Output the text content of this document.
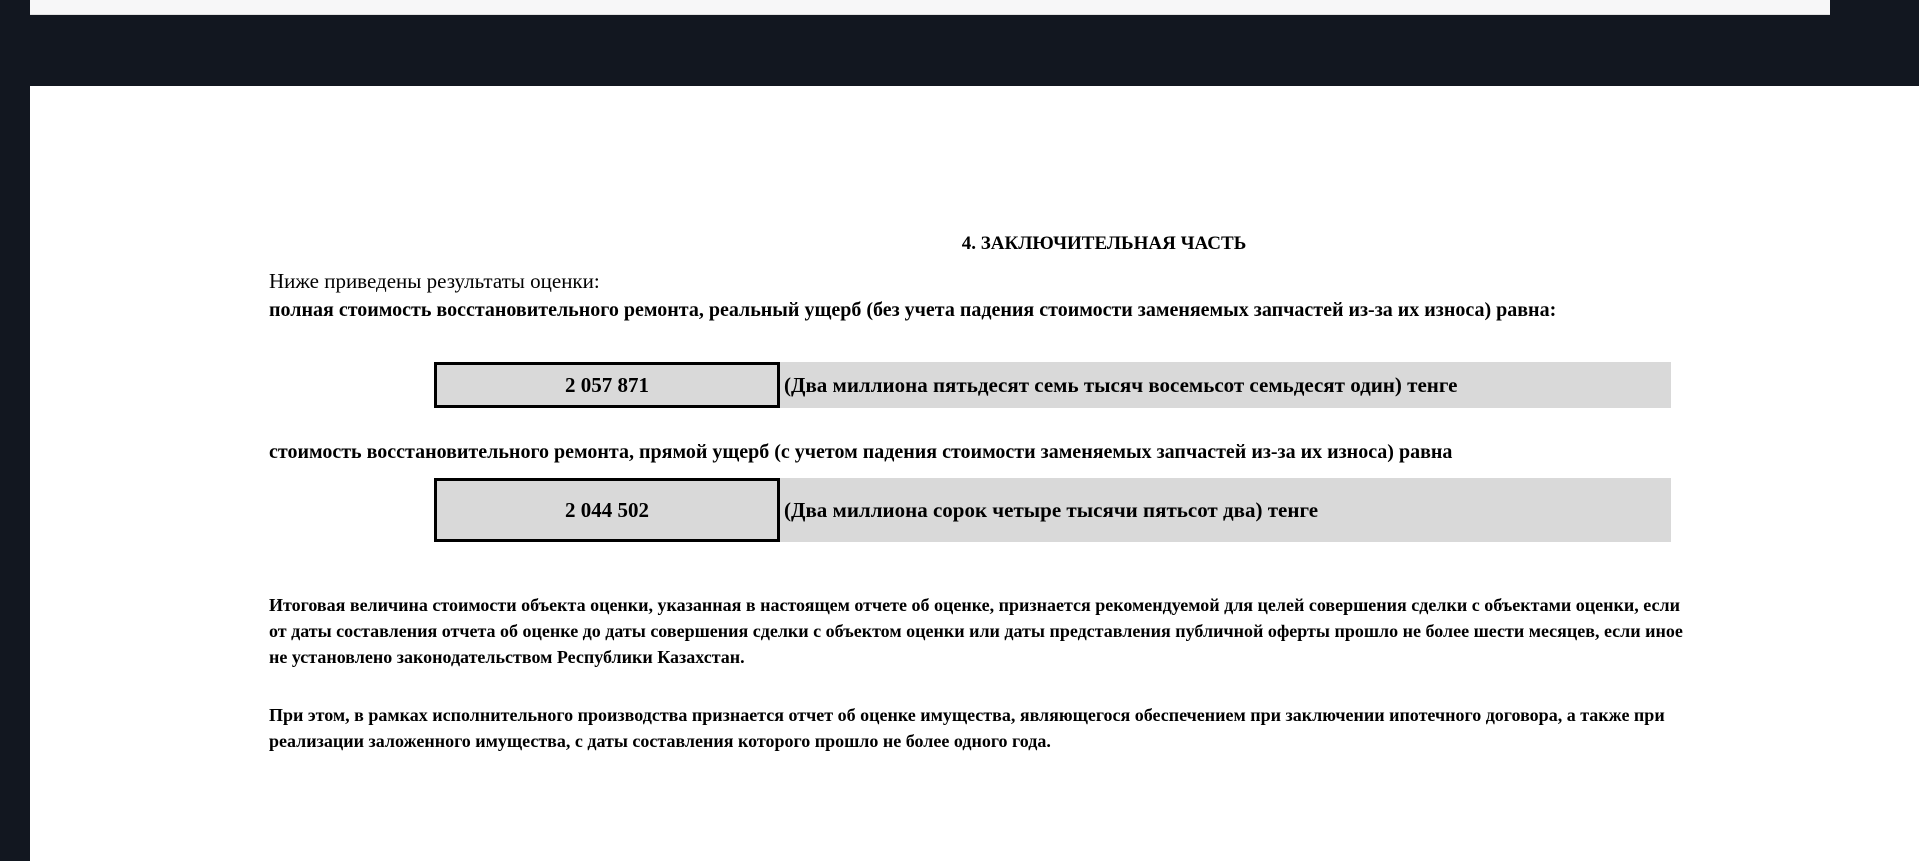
4. ЗАКЛЮЧИТЕЛЬНАЯ ЧАСТЬ
Ниже приведены результаты оценки:
полная стоимость восстановительного ремонта, реальный ущерб (без учета падения стоимости заменяемых запчастей из-за их износа) равна:
2 057 871	(Два миллиона пятьдесят семь тысяч восемьсот семьдесят один) тенге
стоимость восстановительного ремонта, прямой ущерб (с учетом падения стоимости заменяемых запчастей из-за их износа) равна
2 044 502	(Два миллиона сорок четыре тысячи пятьсот два) тенге
Итоговая величина стоимости объекта оценки, указанная в настоящем отчете об оценке, признается рекомендуемой для целей совершения сделки с объектами оценки, если от даты составления отчета об оценке до даты совершения сделки с объектом оценки или даты представления публичной оферты прошло не более шести месяцев, если иное не установлено законодательством Республики Казахстан.
При этом, в рамках исполнительного производства признается отчет об оценке имущества, являющегося обеспечением при заключении ипотечного договора, а также при реализации заложенного имущества, с даты составления которого прошло не более одного года.
